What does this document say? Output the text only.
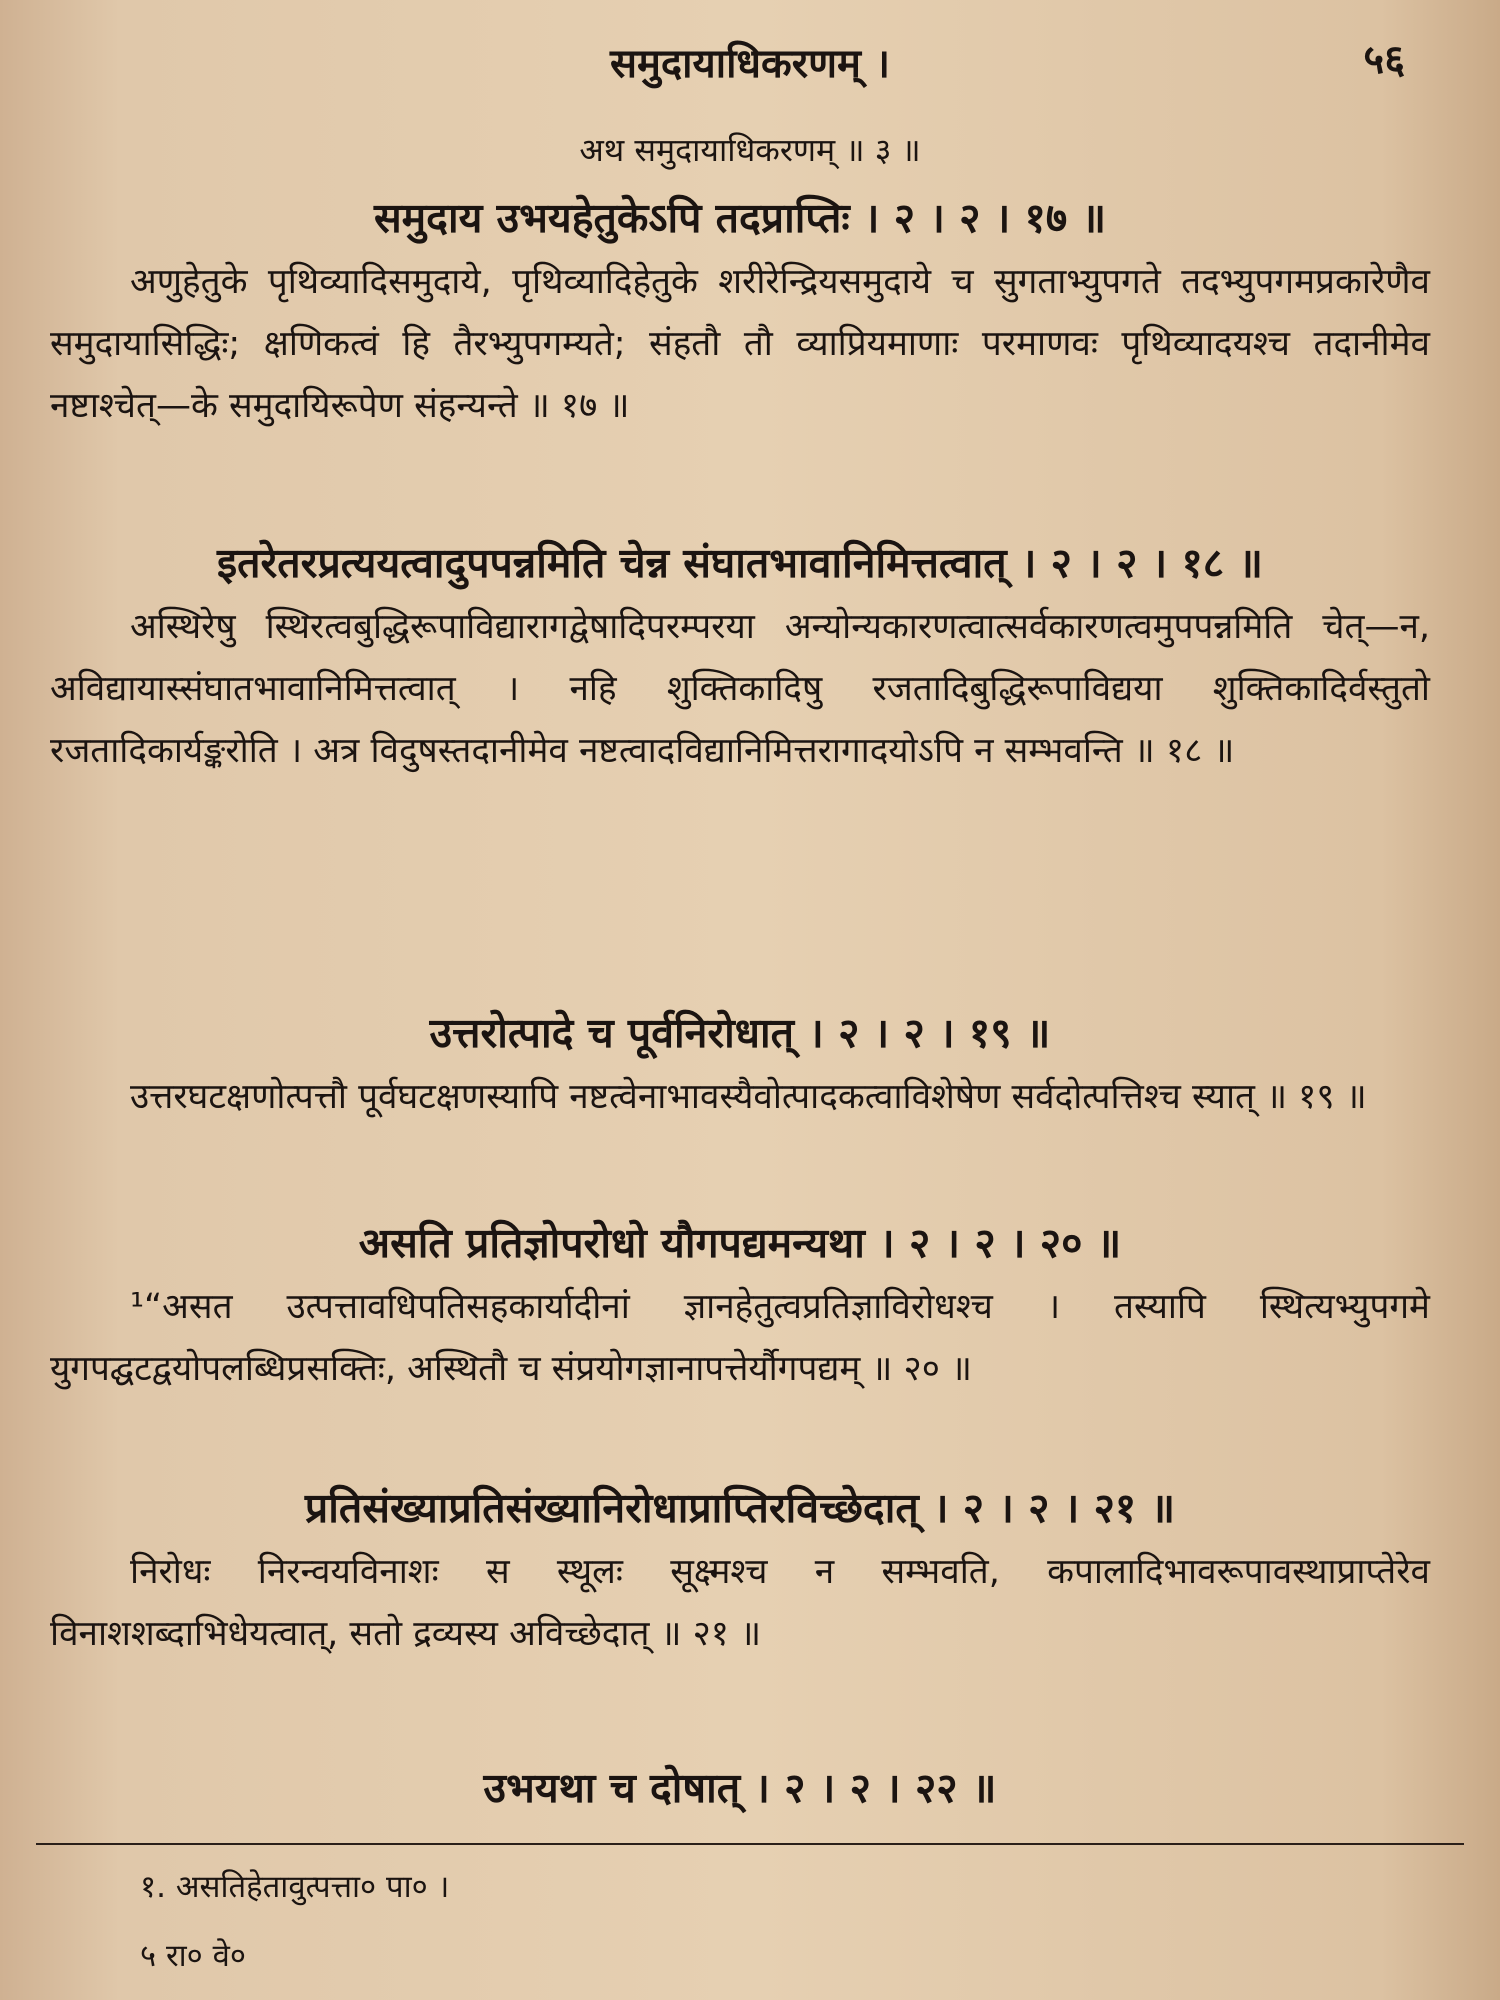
समुदायाधिकरणम् ।	५६
अथ समुदायाधिकरणम् ॥ ३ ॥

समुदाय उभयहेतुकेऽपि तदप्राप्तिः । २ । २ । १७ ॥

अणुहेतुके पृथिव्यादिसमुदाये, पृथिव्यादिहेतुके शरीरेन्द्रियसमुदाये च सुगताभ्युपगते तदभ्युपगमप्रकारेणैव समुदायासिद्धिः; क्षणिकत्वं हि तैरभ्युपगम्यते; संहतौ तौ व्याप्रियमाणाः परमाणवः पृथिव्यादयश्च तदानीमेव नष्टाश्चेत्—के समुदायिरूपेण संहन्यन्ते ॥ १७ ॥

इतरेतरप्रत्ययत्वादुपपन्नमिति चेन्न संघातभावानिमित्तत्वात् । २ । २ । १८ ॥

अस्थिरेषु स्थिरत्वबुद्धिरूपाविद्यारागद्वेषादिपरम्परया अन्योन्यकारणत्वात्सर्वकारणत्वमुपपन्नमिति चेत्—न, अविद्यायास्संघातभावानिमित्तत्वात् । नहि शुक्तिकादिषु रजतादिबुद्धिरूपाविद्यया शुक्तिकादिर्वस्तुतो रजतादिकार्यङ्करोति । अत्र विदुषस्तदानीमेव नष्टत्वादविद्यानिमित्तरागादयोऽपि न सम्भवन्ति ॥ १८ ॥

उत्तरोत्पादे च पूर्वनिरोधात् । २ । २ । १९ ॥

उत्तरघटक्षणोत्पत्तौ पूर्वघटक्षणस्यापि नष्टत्वेनाभावस्यैवोत्पादकत्वाविशेषेण सर्वदोत्पत्तिश्च स्यात् ॥ १९ ॥

असति प्रतिज्ञोपरोधो यौगपद्यमन्यथा । २ । २ । २० ॥

¹“असत उत्पत्तावधिपतिसहकार्यादीनां ज्ञानहेतुत्वप्रतिज्ञाविरोधश्च । तस्यापि स्थित्यभ्युपगमे युगपद्घटद्वयोपलब्धिप्रसक्तिः, अस्थितौ च संप्रयोगज्ञानापत्तेर्यौगपद्यम् ॥ २० ॥

प्रतिसंख्याप्रतिसंख्यानिरोधाप्राप्तिरविच्छेदात् । २ । २ । २१ ॥

निरोधः निरन्वयविनाशः स स्थूलः सूक्ष्मश्च न सम्भवति, कपालादिभावरूपावस्थाप्राप्तेरेव विनाशशब्दाभिधेयत्वात्, सतो द्रव्यस्य अविच्छेदात् ॥ २१ ॥

उभयथा च दोषात् । २ । २ । २२ ॥

१. असतिहेतावुत्पत्ता० पा० ।
५ रा० वे०
